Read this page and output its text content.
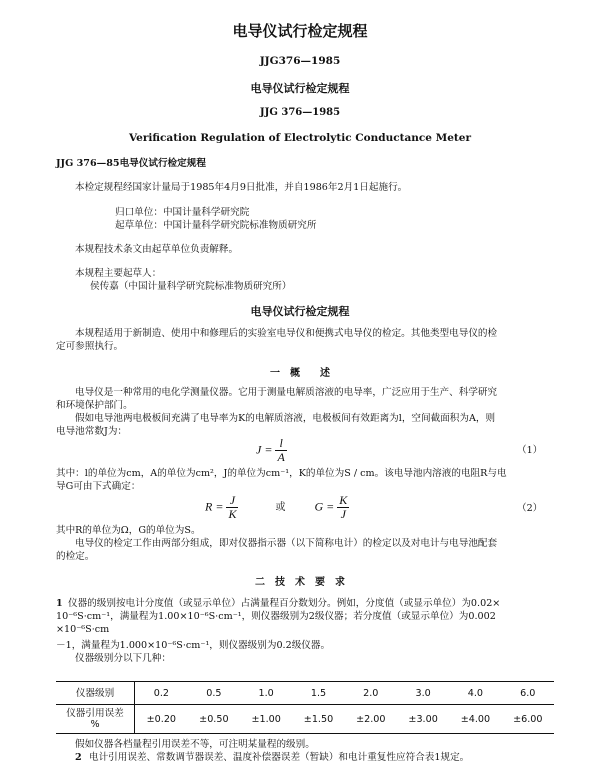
电导仪试行检定规程
JJG376—1985
电导仪试行检定规程
JJG 376—1985
Verification Regulation of Electrolytic Conductance Meter
JJG 376—85电导仪试行检定规程
本检定规程经国家计量局于1985年4月9日批准，并自1986年2月1日起施行。
归口单位：中国计量科学研究院
起草单位：中国计量科学研究院标准物质研究所
本规程技术条文由起草单位负责解释。
本规程主要起草人：
侯传嘉（中国计量科学研究院标准物质研究所）
电导仪试行检定规程
本规程适用于新制造、使用中和修理后的实验室电导仪和便携式电导仪的检定。其他类型电导仪的检
定可参照执行。
一　概　　述
电导仪是一种常用的电化学测量仪器。它用于测量电解质溶液的电导率，广泛应用于生产、科学研究
和环境保护部门。
假如电导池两电极板间充满了电导率为K的电解质溶液，电极板间有效距离为l，空间截面积为A，则
电导池常数J为：
$J = \frac{l}{A}$	（1）
其中：l的单位为cm，A的单位为cm²，J的单位为cm⁻¹，K的单位为S / cm。该电导池内溶液的电阻R与电
导G可由下式确定：
$R = \frac{J}{K}$	或 $G = \frac{K}{J}$	（2）
其中R的单位为Ω，G的单位为S。
电导仪的检定工作由两部分组成，即对仪器指示器（以下简称电计）的检定以及对电计与电导池配套
的检定。
二　技　术　要　求
1 仪器的级别按电计分度值（或显示单位）占满量程百分数划分。例如，分度值（或显示单位）为0.02×
10⁻⁶S·cm⁻¹，满量程为1.00×10⁻⁶S·cm⁻¹，则仪器级别为2级仪器；若分度值（或显示单位）为0.002
×10⁻⁶S·cm
－1，满量程为1.000×10⁻⁶S·cm⁻¹，则仪器级别为0.2级仪器。
仪器级别分以下几种：
仪器级别	0.2	0.5	1.0	1.5	2.0	3.0	4.0	6.0

仪器引用误差
%	±0.20	±0.50	±1.00	±1.50	±2.00	±3.00	±4.00	±6.00
假如仪器各档量程引用误差不等，可注明某量程的级别。
2 电计引用误差、常数调节器误差、温度补偿器误差（暂缺）和电计重复性应符合表1规定。
